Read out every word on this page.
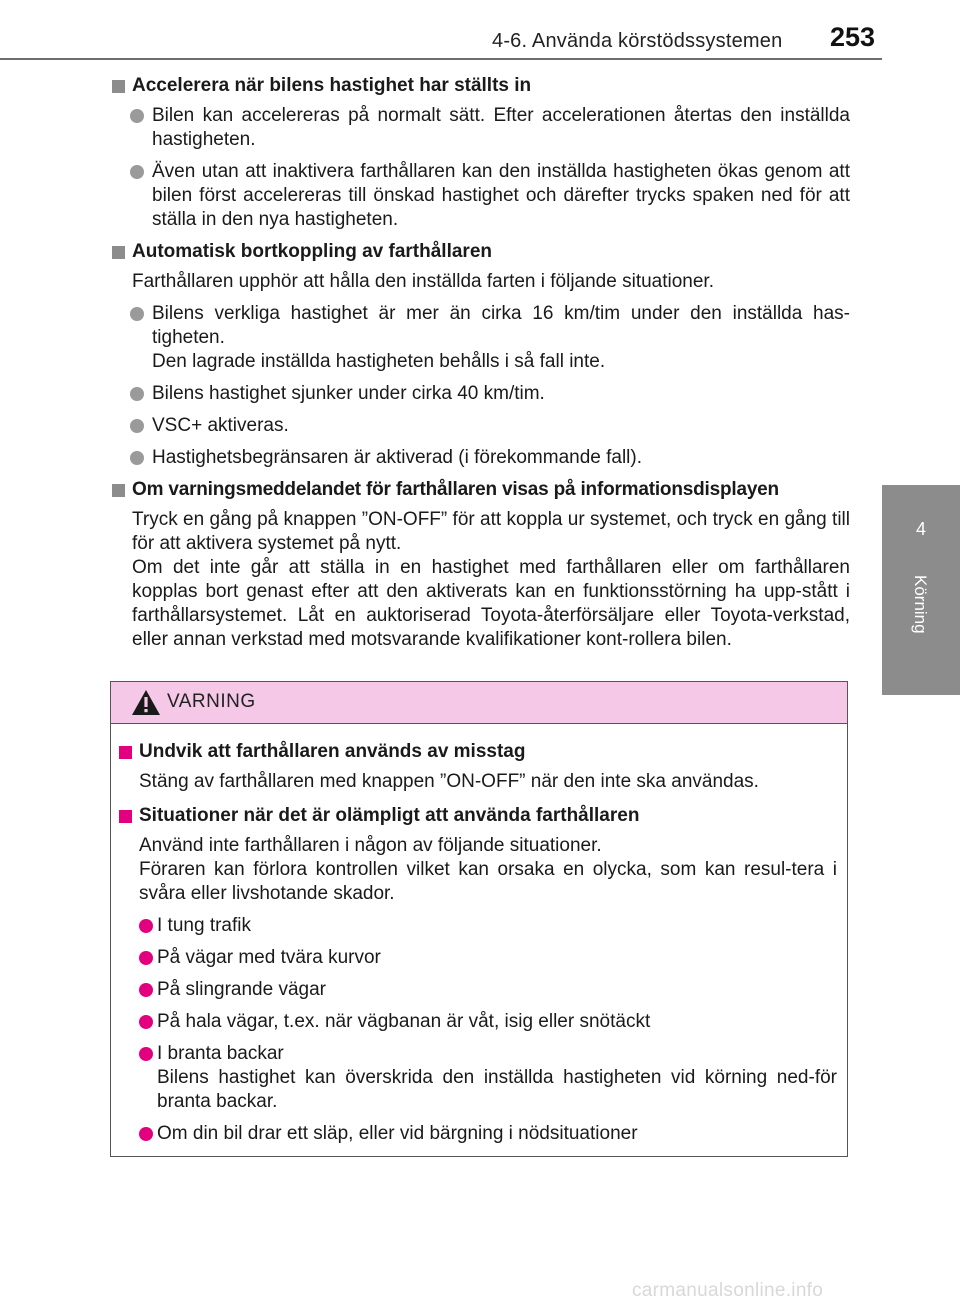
4-6. Använda körstödssystemen 253
4
Körning
Accelerera när bilens hastighet har ställts in
Bilen kan accelereras på normalt sätt. Efter accelerationen återtas den inställda hastigheten.
Även utan att inaktivera farthållaren kan den inställda hastigheten ökas genom att bilen först accelereras till önskad hastighet och därefter trycks spaken ned för att ställa in den nya hastigheten.
Automatisk bortkoppling av farthållaren
Farthållaren upphör att hålla den inställda farten i följande situationer.
Bilens verkliga hastighet är mer än cirka 16 km/tim under den inställda has-tigheten.
Den lagrade inställda hastigheten behålls i så fall inte.
Bilens hastighet sjunker under cirka 40 km/tim.
VSC+ aktiveras.
Hastighetsbegränsaren är aktiverad (i förekommande fall).
Om varningsmeddelandet för farthållaren visas på informationsdisplayen
Tryck en gång på knappen ”ON-OFF” för att koppla ur systemet, och tryck en gång till för att aktivera systemet på nytt.
Om det inte går att ställa in en hastighet med farthållaren eller om farthållaren kopplas bort genast efter att den aktiverats kan en funktionsstörning ha upp-stått i farthållarsystemet. Låt en auktoriserad Toyota-återförsäljare eller Toyota-verkstad, eller annan verkstad med motsvarande kvalifikationer kont-rollera bilen.
VARNING
Undvik att farthållaren används av misstag
Stäng av farthållaren med knappen ”ON-OFF” när den inte ska användas.
Situationer när det är olämpligt att använda farthållaren
Använd inte farthållaren i någon av följande situationer.
Föraren kan förlora kontrollen vilket kan orsaka en olycka, som kan resul-tera i svåra eller livshotande skador.
I tung trafik
På vägar med tvära kurvor
På slingrande vägar
På hala vägar, t.ex. när vägbanan är våt, isig eller snötäckt
I branta backar
Bilens hastighet kan överskrida den inställda hastigheten vid körning ned-för branta backar.
Om din bil drar ett släp, eller vid bärgning i nödsituationer
carmanualsonline.info
